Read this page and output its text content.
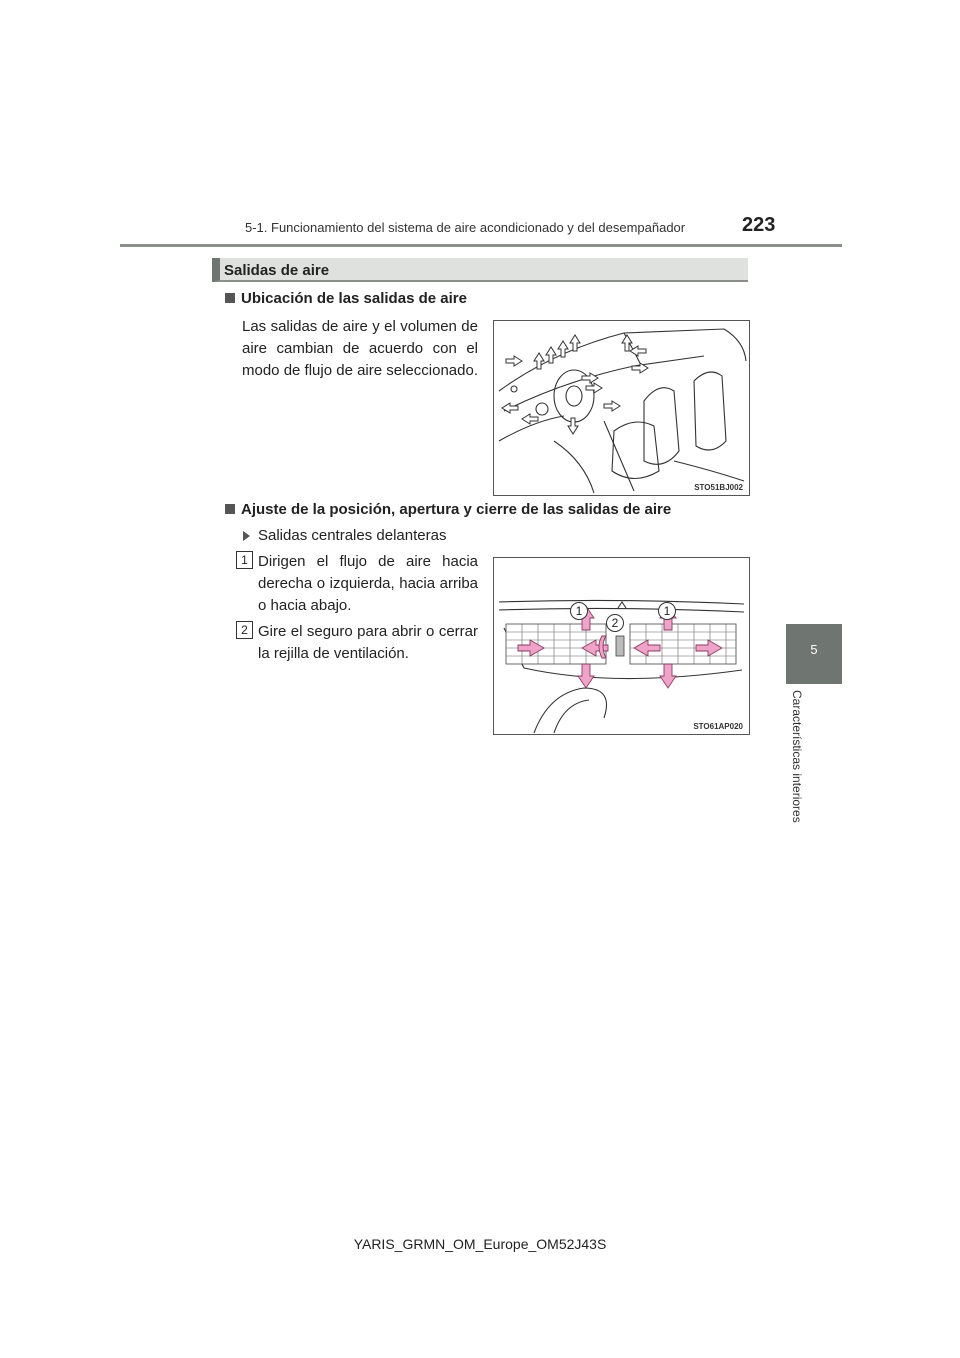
5-1. Funcionamiento del sistema de aire acondicionado y del desempañador	223
5
Características interiores
Salidas de aire
Ubicación de las salidas de aire
Las salidas de aire y el volumen de aire cambian de acuerdo con el modo de flujo de aire seleccionado.
STO51BJ002
Ajuste de la posición, apertura y cierre de las salidas de aire
Salidas centrales delanteras
1 Dirigen el flujo de aire hacia derecha o izquierda, hacia arriba o hacia abajo.
2 Gire el seguro para abrir o cerrar la rejilla de ventilación.
1
2
1
STO61AP020
YARIS_GRMN_OM_Europe_OM52J43S
